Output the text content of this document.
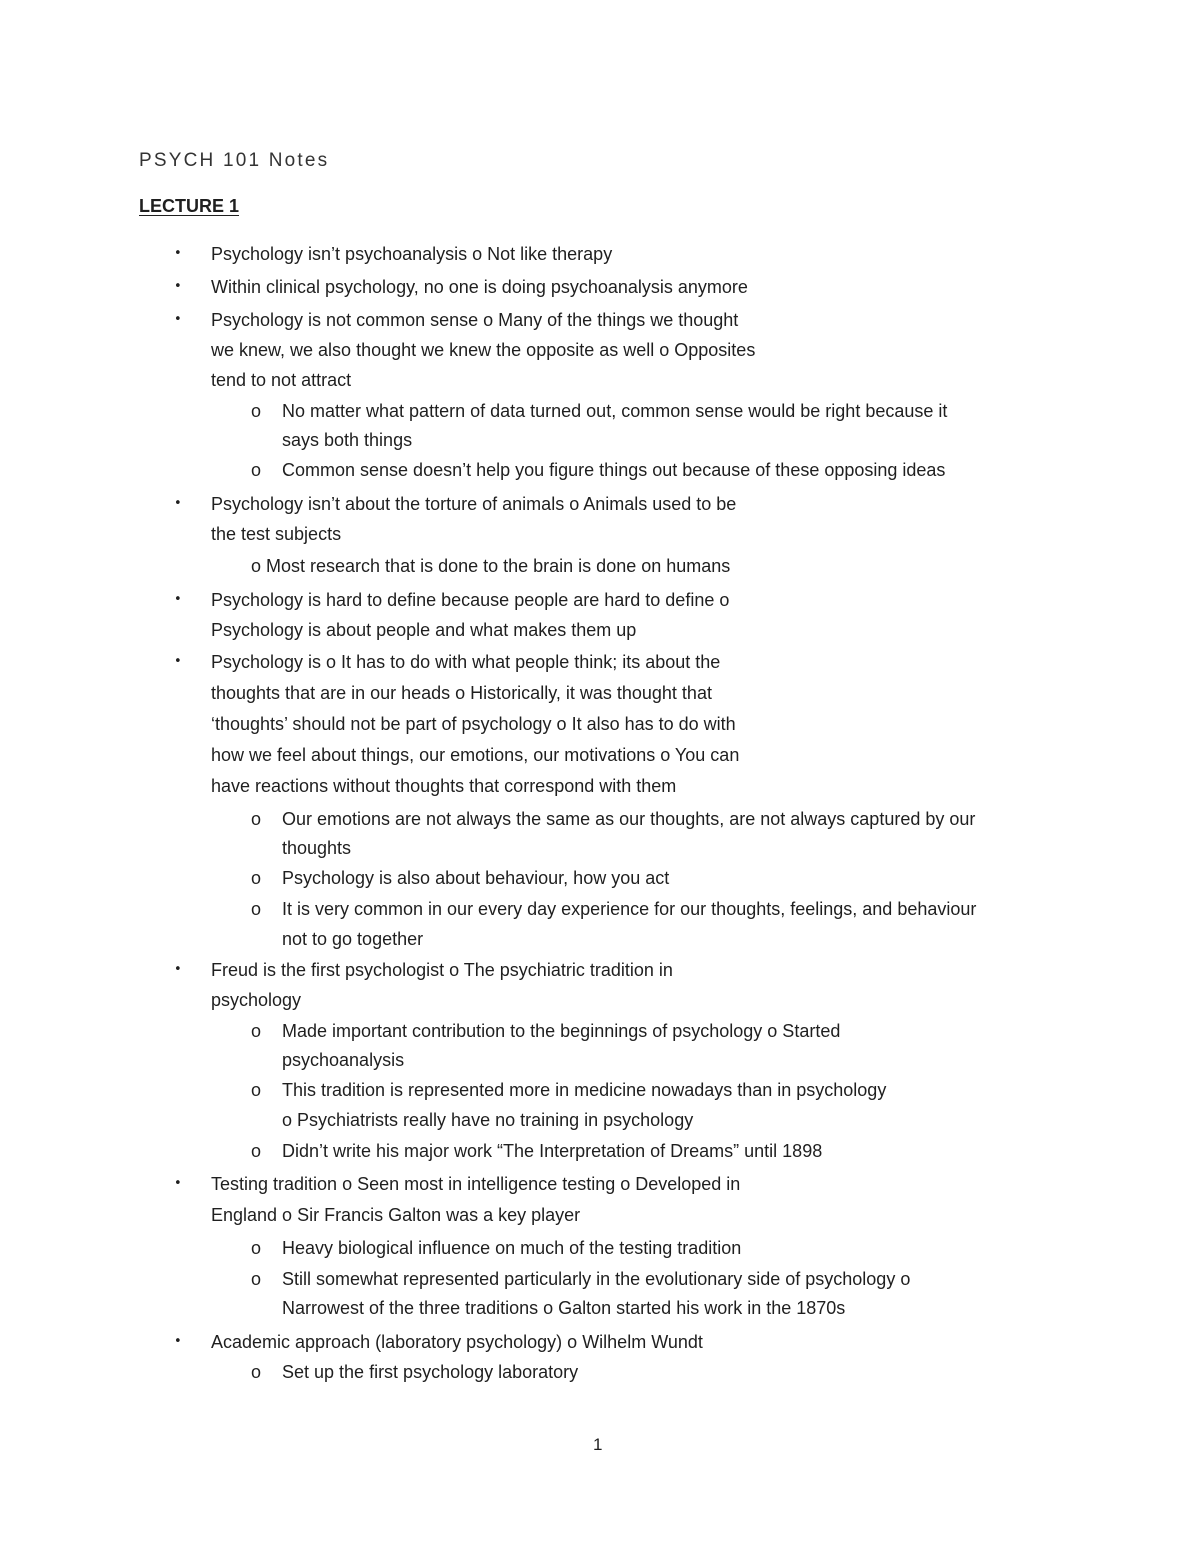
PSYCH 101 Notes
LECTURE 1
• Psychology isn’t psychoanalysis o Not like therapy
• Within clinical psychology, no one is doing psychoanalysis anymore
• Psychology is not common sense o Many of the things we thought
we knew, we also thought we knew the opposite as well o Opposites
tend to not attract
o No matter what pattern of data turned out, common sense would be right because it
says both things
o Common sense doesn’t help you figure things out because of these opposing ideas
• Psychology isn’t about the torture of animals o Animals used to be
the test subjects
o Most research that is done to the brain is done on humans
• Psychology is hard to define because people are hard to define o
Psychology is about people and what makes them up
• Psychology is o It has to do with what people think; its about the
thoughts that are in our heads o Historically, it was thought that
‘thoughts’ should not be part of psychology o It also has to do with
how we feel about things, our emotions, our motivations o You can
have reactions without thoughts that correspond with them
o Our emotions are not always the same as our thoughts, are not always captured by our
thoughts
o Psychology is also about behaviour, how you act
o It is very common in our every day experience for our thoughts, feelings, and behaviour
not to go together
• Freud is the first psychologist o The psychiatric tradition in
psychology
o Made important contribution to the beginnings of psychology o Started
psychoanalysis
o This tradition is represented more in medicine nowadays than in psychology
o Psychiatrists really have no training in psychology
o Didn’t write his major work “The Interpretation of Dreams” until 1898
• Testing tradition o Seen most in intelligence testing o Developed in
England o Sir Francis Galton was a key player
o Heavy biological influence on much of the testing tradition
o Still somewhat represented particularly in the evolutionary side of psychology o
Narrowest of the three traditions o Galton started his work in the 1870s
• Academic approach (laboratory psychology) o Wilhelm Wundt
o Set up the first psychology laboratory
1
